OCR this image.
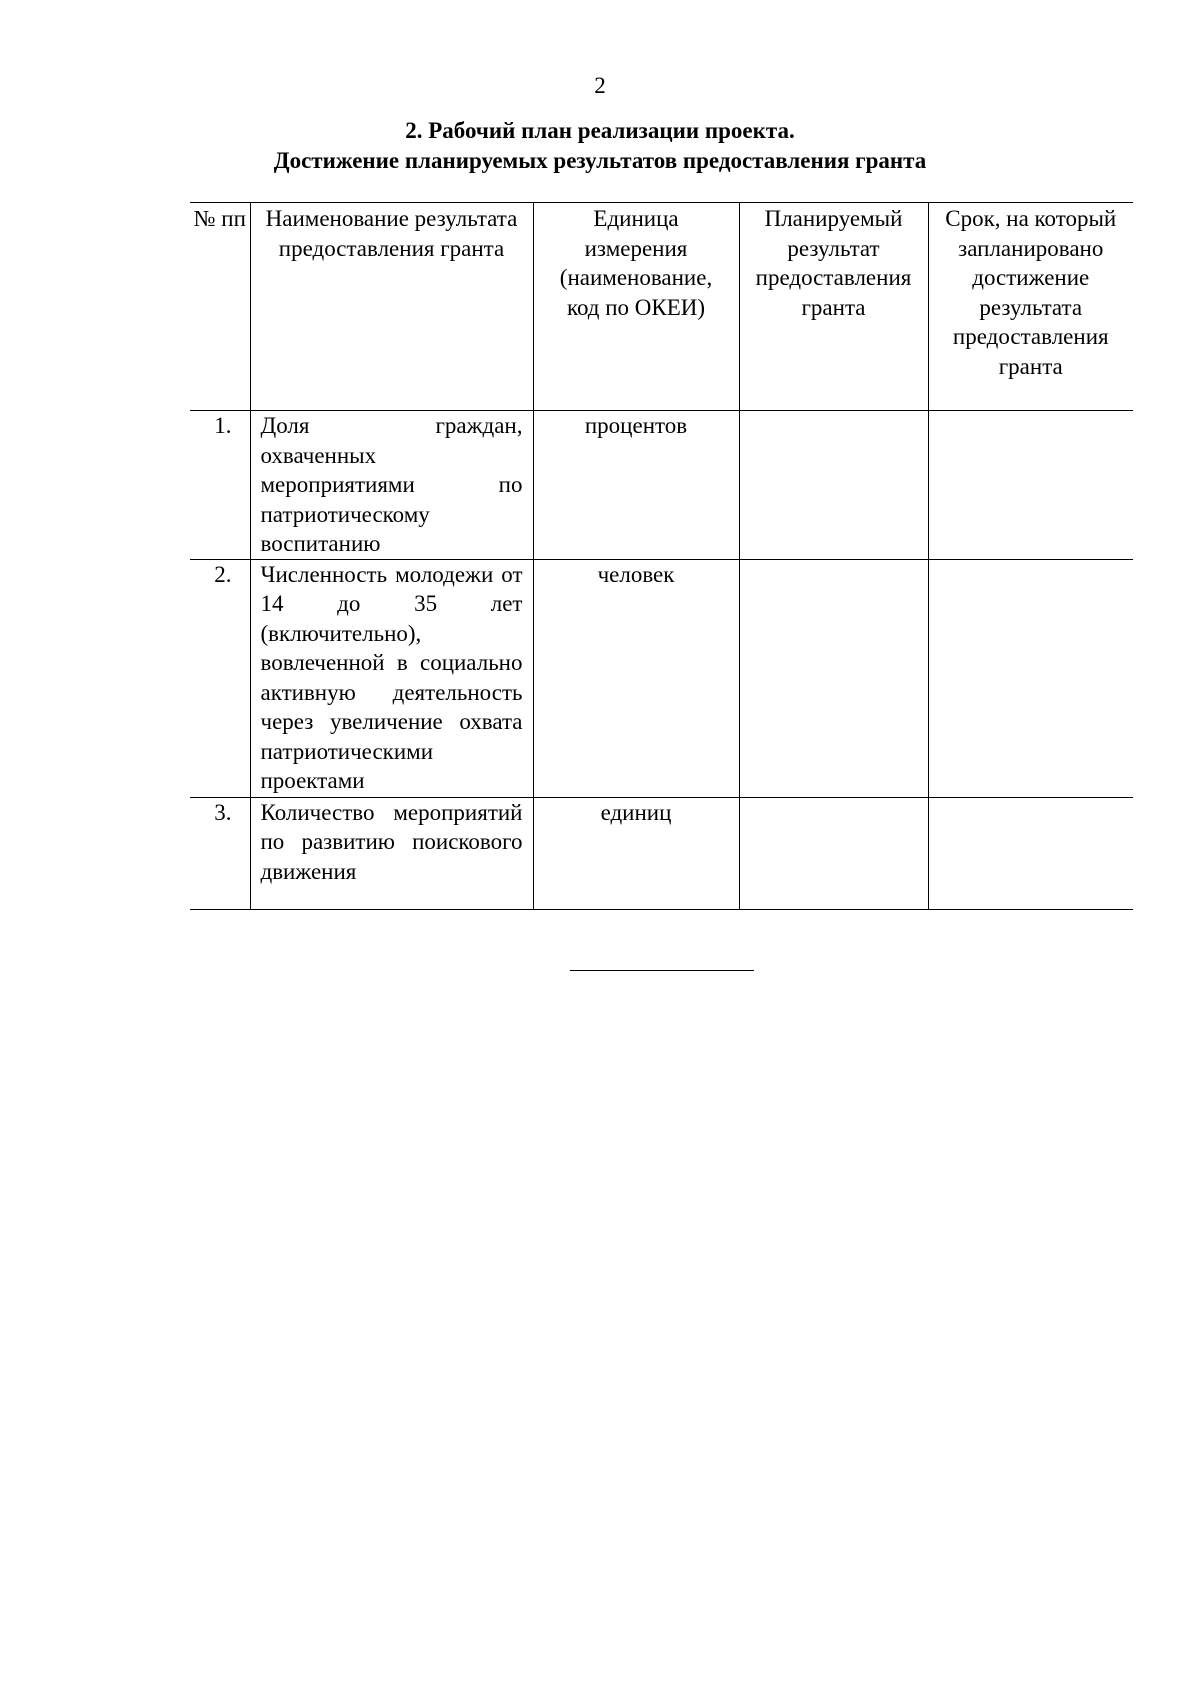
2
2. Рабочий план реализации проекта.
Достижение планируемых результатов предоставления гранта
№ пп	Наименование результата предоставления гранта	Единица измерения (наименование, код по ОКЕИ)	Планируемый результат предоставления гранта	Срок, на который запланировано достижение результата предоставления гранта
1.	Доля граждан, охваченных мероприятиями по патриотическому воспитанию	процентов		
2.	Численность молодежи от 14 до 35 лет (включительно), вовлеченной в социально активную деятельность через увеличение охвата патриотическими проектами	человек		
3.	Количество мероприятий по развитию поискового движения	единиц		
